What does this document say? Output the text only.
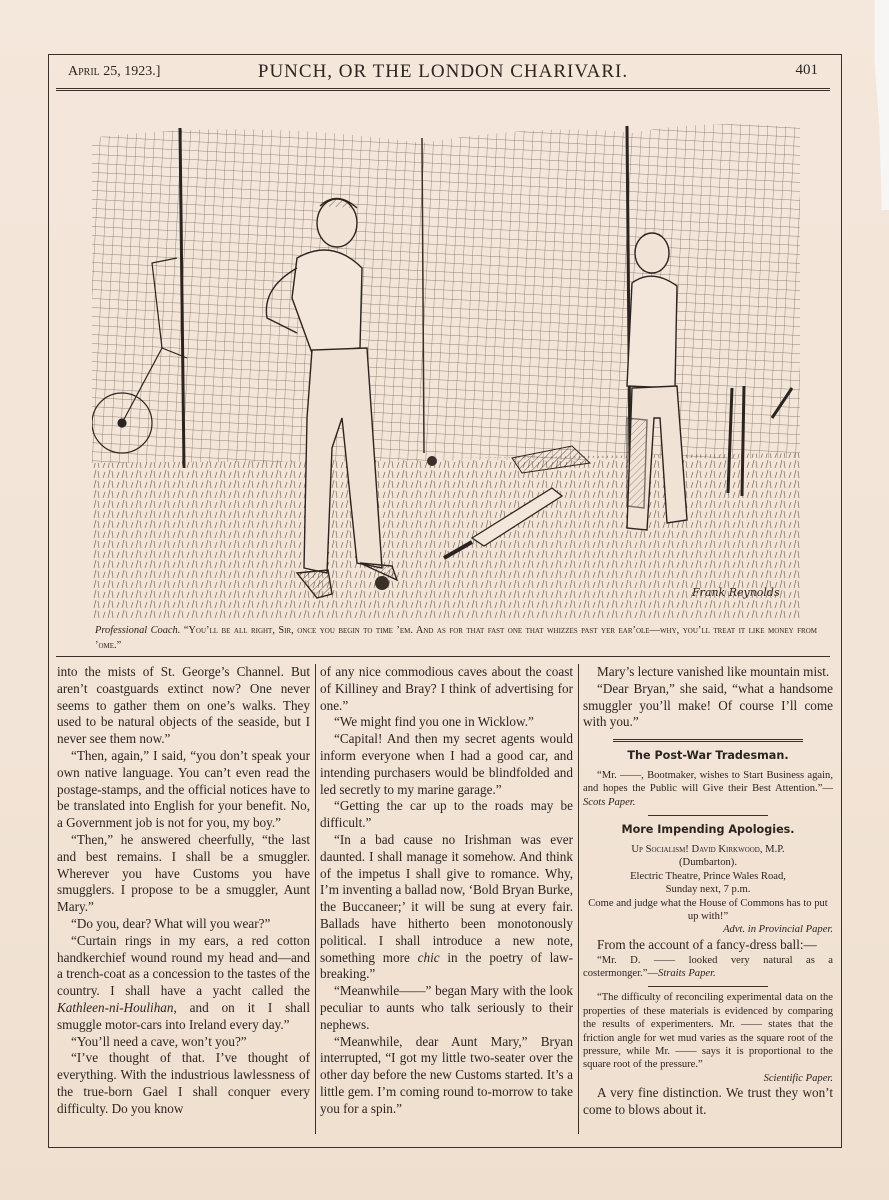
April 25, 1923.]	PUNCH, OR THE LONDON CHARIVARI.	401
Frank Reynolds
Professional Coach. “You’ll be all right, Sir, once you begin to time ’em. And as for that fast one that whizzes past yer ear’ole—why, you’ll treat it like money from ’ome.”

into the mists of St. George’s Channel. But aren’t coastguards extinct now? One never seems to gather them on one’s walks. They used to be natural objects of the seaside, but I never see them now.”

“Then, again,” I said, “you don’t speak your own native language. You can’t even read the postage-stamps, and the official notices have to be translated into English for your benefit. No, a Government job is not for you, my boy.”

“Then,” he answered cheerfully, “the last and best remains. I shall be a smuggler. Wherever you have Customs you have smugglers. I propose to be a smuggler, Aunt Mary.”

“Do you, dear? What will you wear?”

“Curtain rings in my ears, a red cotton handkerchief wound round my head and—and a trench-coat as a concession to the tastes of the country. I shall have a yacht called the Kathleen-ni-Houlihan, and on it I shall smuggle motor-cars into Ireland every day.”

“You’ll need a cave, won’t you?”

“I’ve thought of that. I’ve thought of everything. With the industrious lawlessness of the true-born Gael I shall conquer every difficulty. Do you know

of any nice commodious caves about the coast of Killiney and Bray? I think of advertising for one.”

“We might find you one in Wicklow.”

“Capital! And then my secret agents would inform everyone when I had a good car, and intending purchasers would be blindfolded and led secretly to my marine garage.”

“Getting the car up to the roads may be difficult.”

“In a bad cause no Irishman was ever daunted. I shall manage it somehow. And think of the impetus I shall give to romance. Why, I’m inventing a ballad now, ‘Bold Bryan Burke, the Buccaneer;’ it will be sung at every fair. Ballads have hitherto been monotonously political. I shall introduce a new note, something more chic in the poetry of law-breaking.”

“Meanwhile——” began Mary with the look peculiar to aunts who talk seriously to their nephews.

“Meanwhile, dear Aunt Mary,” Bryan interrupted, “I got my little two-seater over the other day before the new Customs started. It’s a little gem. I’m coming round to-morrow to take you for a spin.”

Mary’s lecture vanished like mountain mist.

“Dear Bryan,” she said, “what a handsome smuggler you’ll make! Of course I’ll come with you.”

The Post-War Tradesman.

“Mr. ——, Bootmaker, wishes to Start Business again, and hopes the Public will Give their Best Attention.”—Scots Paper.

More Impending Apologies.

Up Socialism! David Kirkwood, M.P.

(Dumbarton).

Electric Theatre, Prince Wales Road,

Sunday next, 7 p.m.

Come and judge what the House of Commons has to put up with!”

Advt. in Provincial Paper.

From the account of a fancy-dress ball:—

“Mr. D. —— looked very natural as a costermonger.”—Straits Paper.

“The difficulty of reconciling experimental data on the properties of these materials is evidenced by comparing the results of experimenters. Mr. —— states that the friction angle for wet mud varies as the square root of the pressure, while Mr. —— says it is proportional to the square root of the pressure.”

Scientific Paper.

A very fine distinction. We trust they won’t come to blows about it.
